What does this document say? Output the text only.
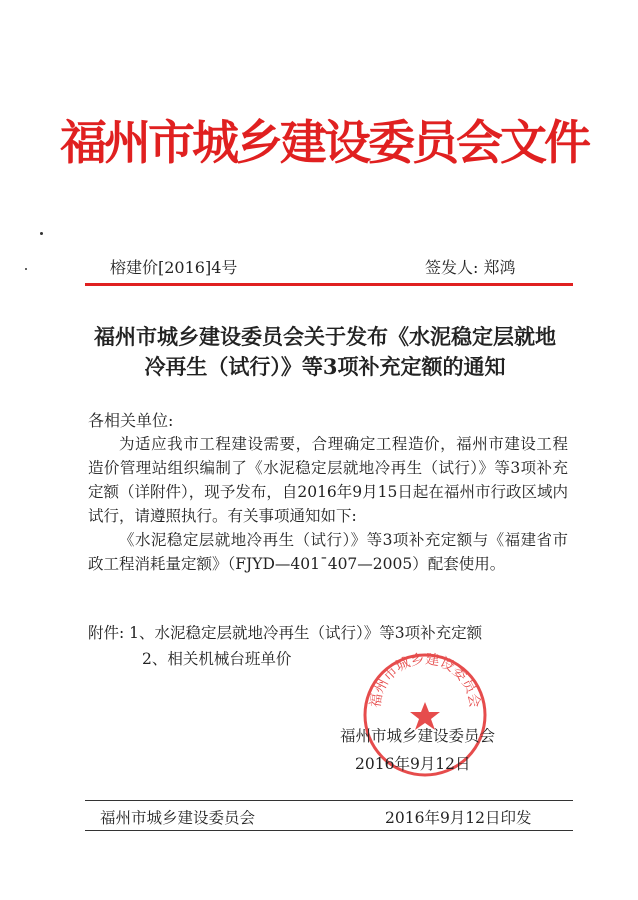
福州市城乡建设委员会文件
榕建价[2016]4号	签发人: 郑鸿
福州市城乡建设委员会关于发布《水泥稳定层就地
冷再生（试行）》等3项补充定额的通知
各相关单位:

为适应我市工程建设需要，合理确定工程造价，福州市建设工程造价管理站组织编制了《水泥稳定层就地冷再生（试行）》等3项补充定额（详附件），现予发布，自2016年9月15日起在福州市行政区域内试行，请遵照执行。有关事项通知如下:

《水泥稳定层就地冷再生（试行）》等3项补充定额与《福建省市政工程消耗量定额》（FJYD—401¯407—2005）配套使用。

附件: 1、水泥稳定层就地冷再生（试行）》等3项补充定额
2、相关机械台班单价
福州市城乡建设委员会
福州市城乡建设委员会
2016年9月12日
福州市城乡建设委员会	2016年9月12日印发
